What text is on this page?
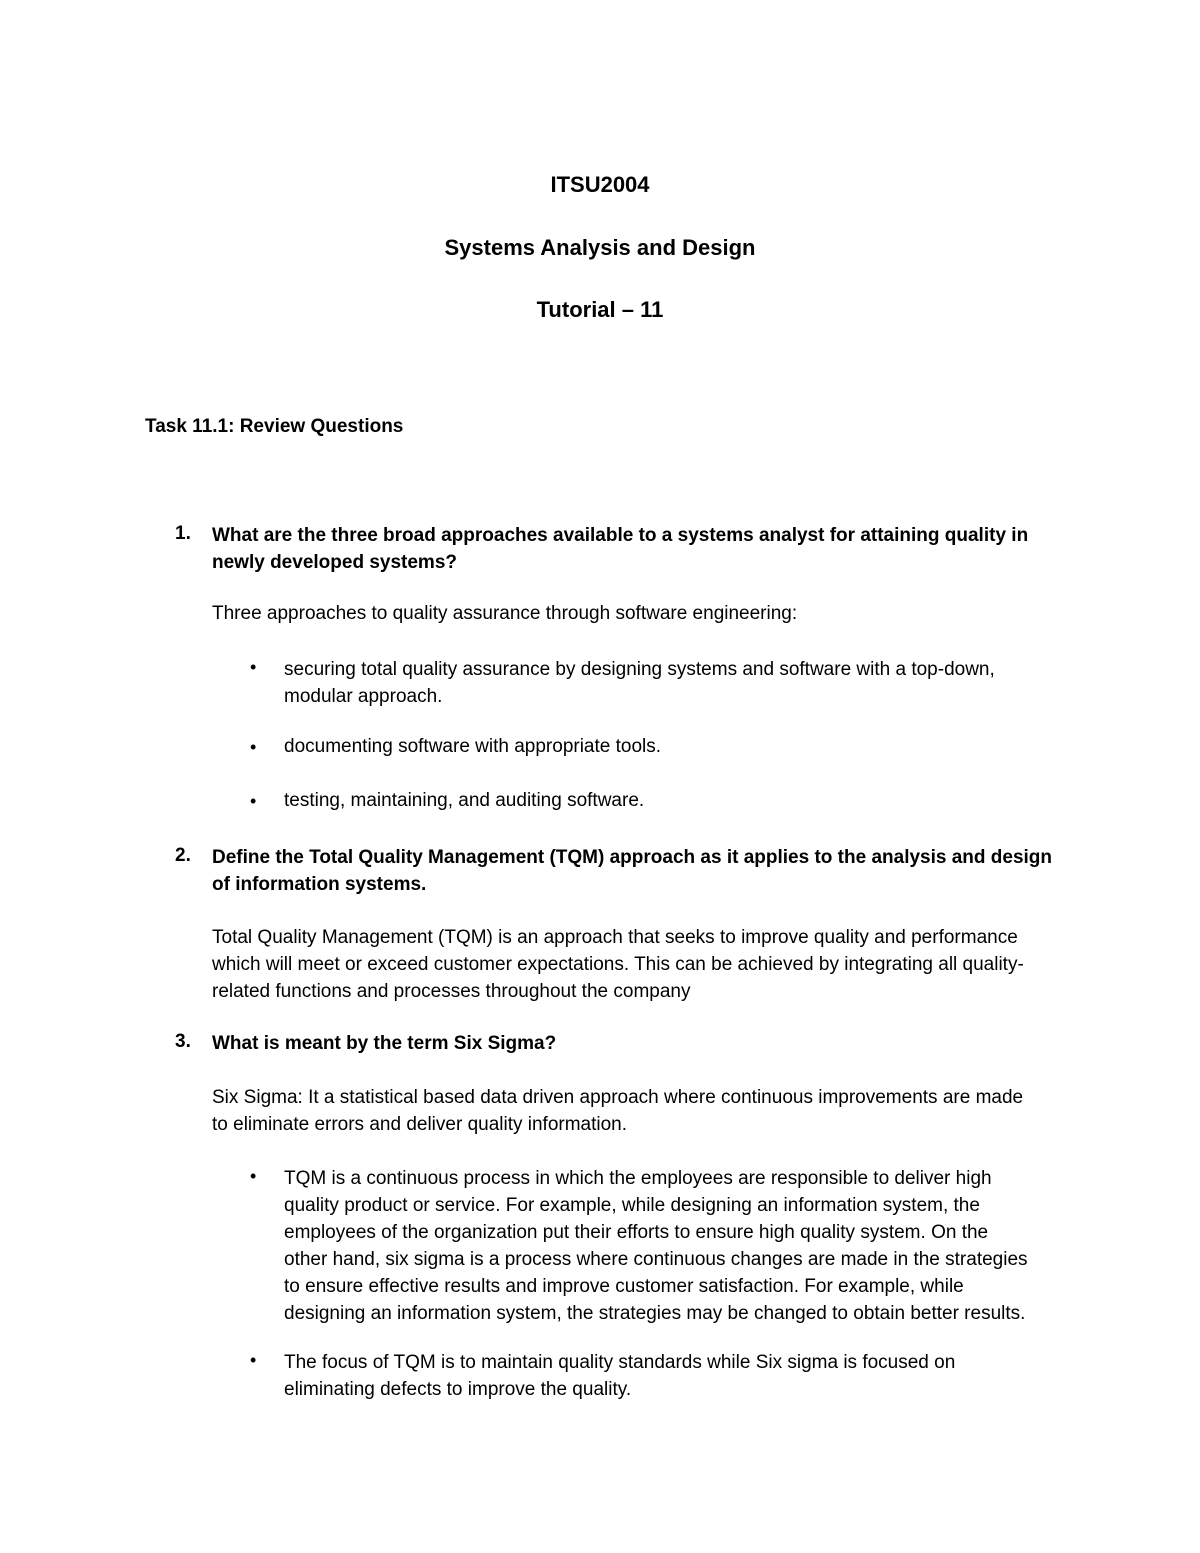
ITSU2004
Systems Analysis and Design
Tutorial – 11
Task 11.1: Review Questions
1. What are the three broad approaches available to a systems analyst for attaining quality in
newly developed systems?
Three approaches to quality assurance through software engineering:
• securing total quality assurance by designing systems and software with a top-down,
modular approach.
• documenting software with appropriate tools.
• testing, maintaining, and auditing software.
2. Define the Total Quality Management (TQM) approach as it applies to the analysis and design
of information systems.
Total Quality Management (TQM) is an approach that seeks to improve quality and performance
which will meet or exceed customer expectations. This can be achieved by integrating all quality-
related functions and processes throughout the company
3. What is meant by the term Six Sigma?
Six Sigma: It a statistical based data driven approach where continuous improvements are made
to eliminate errors and deliver quality information.
• TQM is a continuous process in which the employees are responsible to deliver high
quality product or service. For example, while designing an information system, the
employees of the organization put their efforts to ensure high quality system. On the
other hand, six sigma is a process where continuous changes are made in the strategies
to ensure effective results and improve customer satisfaction. For example, while
designing an information system, the strategies may be changed to obtain better results.
• The focus of TQM is to maintain quality standards while Six sigma is focused on
eliminating defects to improve the quality.
